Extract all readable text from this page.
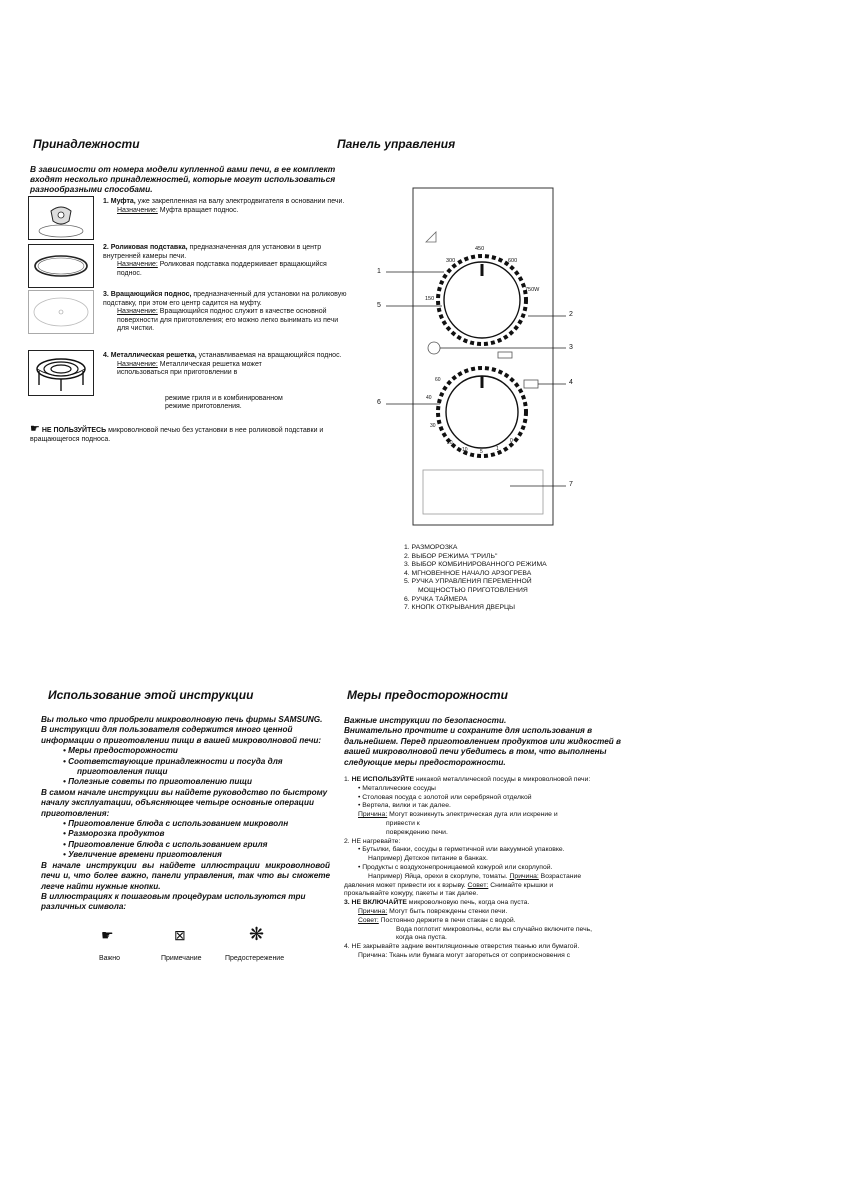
Принадлежности
В зависимости от номера модели купленной вами печи, в ее комплект входят несколько принадлежностей, которые могут использоваться разнообразными способами.
1. Муфта, уже закрепленная на валу электродвигателя в основании печи.
Назначение: Муфта вращает поднос.
2. Роликовая подставка, предназначенная для установки в центр внутренней камеры печи.
Назначение: Роликовая подставка поддерживает вращающийся поднос.
3. Вращающийся поднос, предназначенный для установки на роликовую подставку, при этом его центр садится на муфту.
Назначение: Вращающийся поднос служит в качестве основной поверхности для приготовления; его можно легко вынимать из печи для чистки.
4. Металлическая решетка, устанавливаемая на вращающийся поднос.
Назначение: Металлическая решетка может использоваться при приготовлении в
режиме гриля и в комбинированном режиме приготовления.
☛ НЕ ПОЛЬЗУЙТЕСЬ микроволновой печью без установки в нее роликовой подставки и вращающегося подноса.
Панель управления
1
2
3
4
5
6
7
300
450
600
750W
150
60
40
30
20
10 5	1
0
1. РАЗМОРОЗКА
2. ВЫБОР РЕЖИМА "ГРИЛЬ"
3. ВЫБОР КОМБИНИРОВАННОГО РЕЖИМА
4. МГНОВЕННОЕ НАЧАЛО АРЗОГРЕВА
5. РУЧКА УПРАВЛЕНИЯ ПЕРЕМЕННОЙ
МОЩНОСТЬЮ ПРИГОТОВЛЕНИЯ
6. РУЧКА ТАЙМЕРА
7. КНОПК ОТКРЫВАНИЯ ДВЕРЦЫ
Использование этой инструкции
Вы только что приобрели микроволновую печь фирмы SAMSUNG. В инструкции для пользователя содержится много ценной информации о приготовлении пищи в вашей микроволновой печи:
• Меры предосторожности
• Соответствующие принадлежности и посуда для
приготовления пищи
• Полезные советы по приготовлению пищи
В самом начале инструкции вы найдете руководство по быстрому началу эксплуатации, объясняющее четыре основные операции приготовления:
• Приготовление блюда с использованием микроволн
• Разморозка продуктов
• Приготовление блюда с использованием гриля
• Увеличение времени приготовления
В начале инструкции вы найдете иллюстрации микроволновой печи и, что более важно, панели управления, так что вы сможете легче найти нужные кнопки.
В иллюстрациях к пошаговым процедурам используются три различных символа:
☛	⊠	❋
Важно	Примечание	Предостережение
Меры предосторожности
Важные инструкции по безопасности.
Внимательно прочтите и сохраните для использования в дальнейшем. Перед приготовлением продуктов или жидкостей в вашей микроволновой печи убедитесь в том, что выполнены следующие меры предосторожности.
1. НЕ ИСПОЛЬЗУЙТЕ никакой металлической посуды в микроволновой печи:
• Металлические сосуды
• Столовая посуда с золотой или серебряной отделкой
• Вертела, вилки и так далее.
Причина: Могут возникнуть электрическая дуга или искрение и
привести к
повреждению печи.
2. НЕ нагревайте:
• Бутылки, банки, сосуды в герметичной или вакуумной упаковке.
Например) Детское питание в банках.
• Продукты с воздухонепроницаемой кожурой или скорлупой.
Например) Яйца, орехи в скорлупе, томаты. Причина: Возрастание
давления может привести их к взрыву. Совет: Снимайте крышки и
прокалывайте кожуру, пакеты и так далее.
3. НЕ ВКЛЮЧАЙТЕ микроволновую печь, когда она пуста.
Причина: Могут быть повреждены стенки печи.
Совет: Постоянно держите в печи стакан с водой.
Вода поглотит микроволны, если вы случайно включите печь,
когда она пуста.
4. НЕ закрывайте задние вентиляционные отверстия тканью или бумагой.
Причина: Ткань или бумага могут загореться от соприкосновения с
